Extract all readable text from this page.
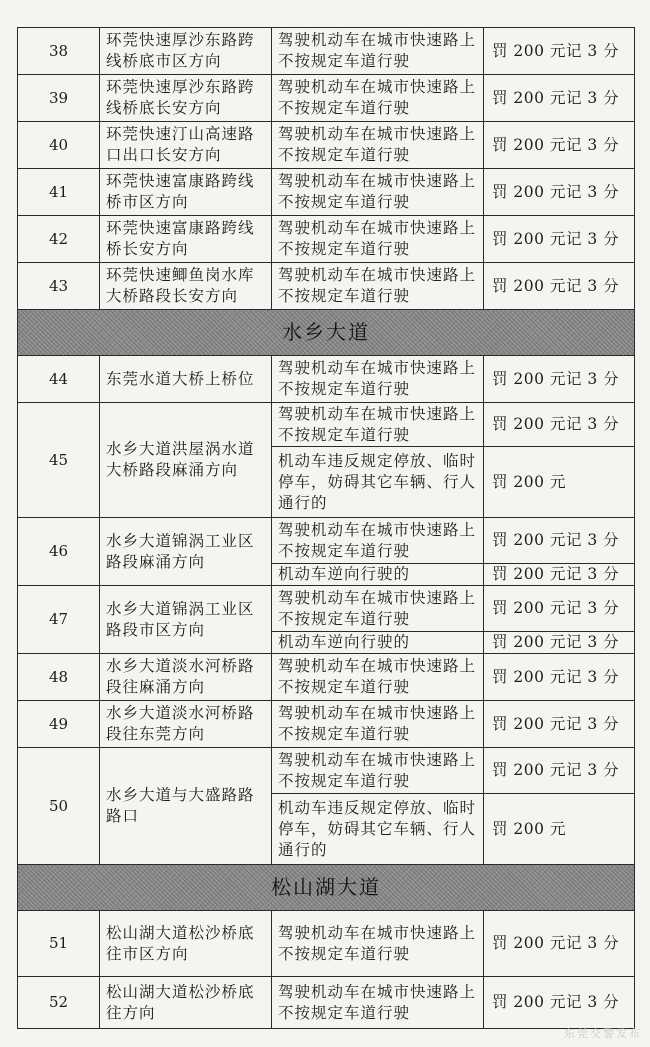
38	环莞快速厚沙东路跨线桥底市区方向	驾驶机动车在城市快速路上不按规定车道行驶	罚 200 元记 3 分
39	环莞快速厚沙东路跨线桥底长安方向	驾驶机动车在城市快速路上不按规定车道行驶	罚 200 元记 3 分
40	环莞快速汀山高速路口出口长安方向	驾驶机动车在城市快速路上不按规定车道行驶	罚 200 元记 3 分
41	环莞快速富康路跨线桥市区方向	驾驶机动车在城市快速路上不按规定车道行驶	罚 200 元记 3 分
42	环莞快速富康路跨线桥长安方向	驾驶机动车在城市快速路上不按规定车道行驶	罚 200 元记 3 分
43	环莞快速鲫鱼岗水库大桥路段长安方向	驾驶机动车在城市快速路上不按规定车道行驶	罚 200 元记 3 分
水乡大道			
44	东莞水道大桥上桥位	驾驶机动车在城市快速路上不按规定车道行驶	罚 200 元记 3 分
45	水乡大道洪屋涡水道大桥路段麻涌方向	驾驶机动车在城市快速路上不按规定车道行驶	罚 200 元记 3 分
		机动车违反规定停放、临时停车，妨碍其它车辆、行人通行的	罚 200 元
46	水乡大道锦涡工业区路段麻涌方向	驾驶机动车在城市快速路上不按规定车道行驶	罚 200 元记 3 分
		机动车逆向行驶的	罚 200 元记 3 分
47	水乡大道锦涡工业区路段市区方向	驾驶机动车在城市快速路上不按规定车道行驶	罚 200 元记 3 分
		机动车逆向行驶的	罚 200 元记 3 分
48	水乡大道淡水河桥路段往麻涌方向	驾驶机动车在城市快速路上不按规定车道行驶	罚 200 元记 3 分
49	水乡大道淡水河桥路段往东莞方向	驾驶机动车在城市快速路上不按规定车道行驶	罚 200 元记 3 分
50	水乡大道与大盛路路路口	驾驶机动车在城市快速路上不按规定车道行驶	罚 200 元记 3 分
		机动车违反规定停放、临时停车，妨碍其它车辆、行人通行的	罚 200 元
松山湖大道			
51	松山湖大道松沙桥底往市区方向	驾驶机动车在城市快速路上不按规定车道行驶	罚 200 元记 3 分
52	松山湖大道松沙桥底往方向	驾驶机动车在城市快速路上不按规定车道行驶	罚 200 元记 3 分
东莞交警发布
